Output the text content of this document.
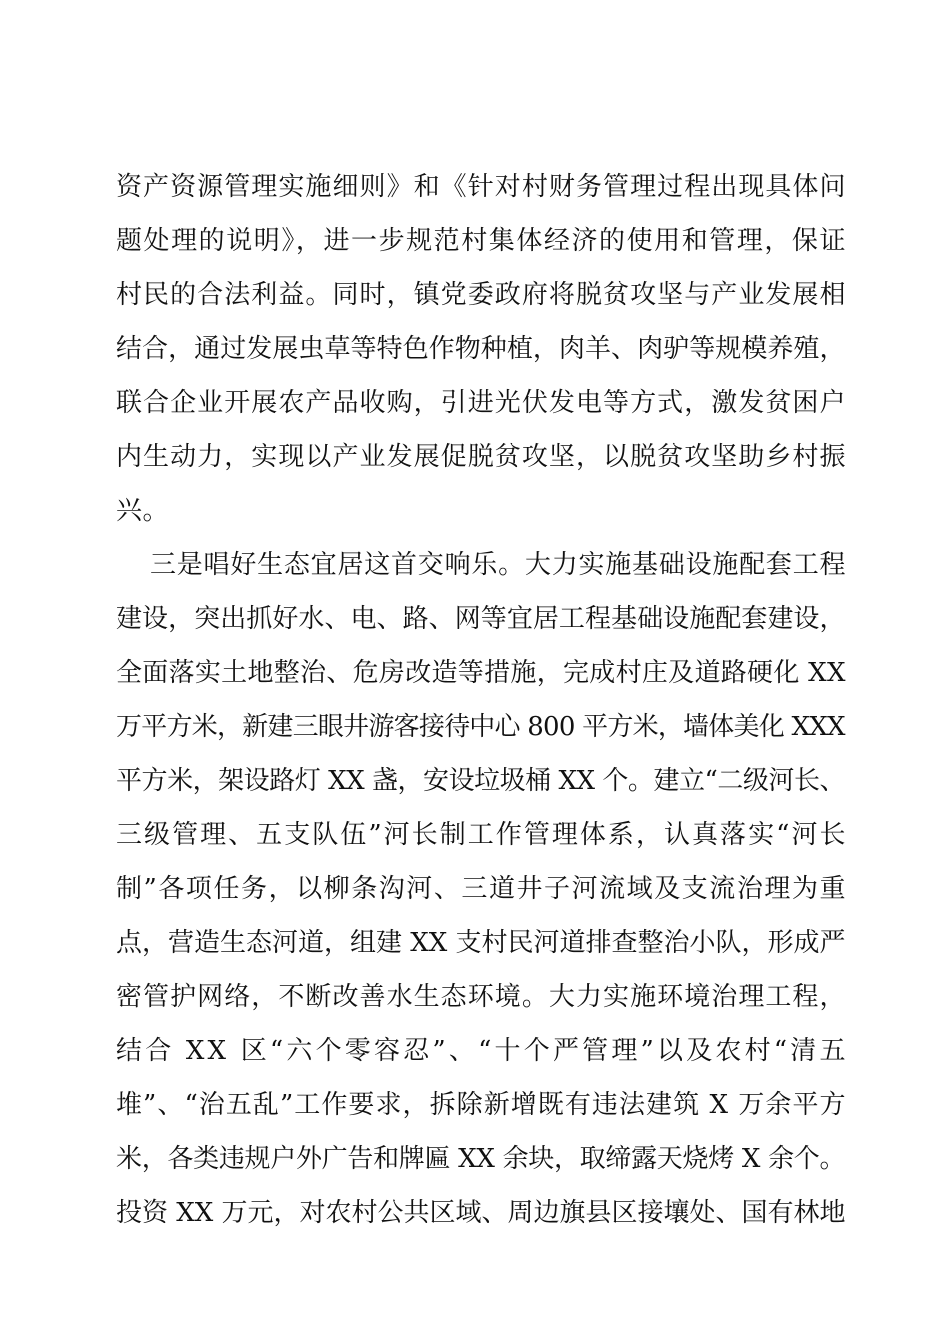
资产资源管理实施细则》和《针对村财务管理过程出现具体问
题处理的说明》，进一步规范村集体经济的使用和管理，保证
村民的合法利益。同时，镇党委政府将脱贫攻坚与产业发展相
结合，通过发展虫草等特色作物种植，肉羊、肉驴等规模养殖，
联合企业开展农产品收购，引进光伏发电等方式，激发贫困户
内生动力，实现以产业发展促脱贫攻坚，以脱贫攻坚助乡村振
兴。
三是唱好生态宜居这首交响乐。大力实施基础设施配套工程
建设，突出抓好水、电、路、网等宜居工程基础设施配套建设，
全面落实土地整治、危房改造等措施，完成村庄及道路硬化 XX
万平方米，新建三眼井游客接待中心 800 平方米，墙体美化 XXX
平方米，架设路灯 XX 盏，安设垃圾桶 XX 个。建立“二级河长、
三级管理、五支队伍”河长制工作管理体系，认真落实“河长
制”各项任务，以柳条沟河、三道井子河流域及支流治理为重
点，营造生态河道，组建 XX 支村民河道排查整治小队，形成严
密管护网络，不断改善水生态环境。大力实施环境治理工程，
结合 XX 区“六个零容忍”、“十个严管理”以及农村“清五
堆”、“治五乱”工作要求，拆除新增既有违法建筑 X 万余平方
米，各类违规户外广告和牌匾 XX 余块，取缔露天烧烤 X 余个。
投资 XX 万元，对农村公共区域、周边旗县区接壤处、国有林地
